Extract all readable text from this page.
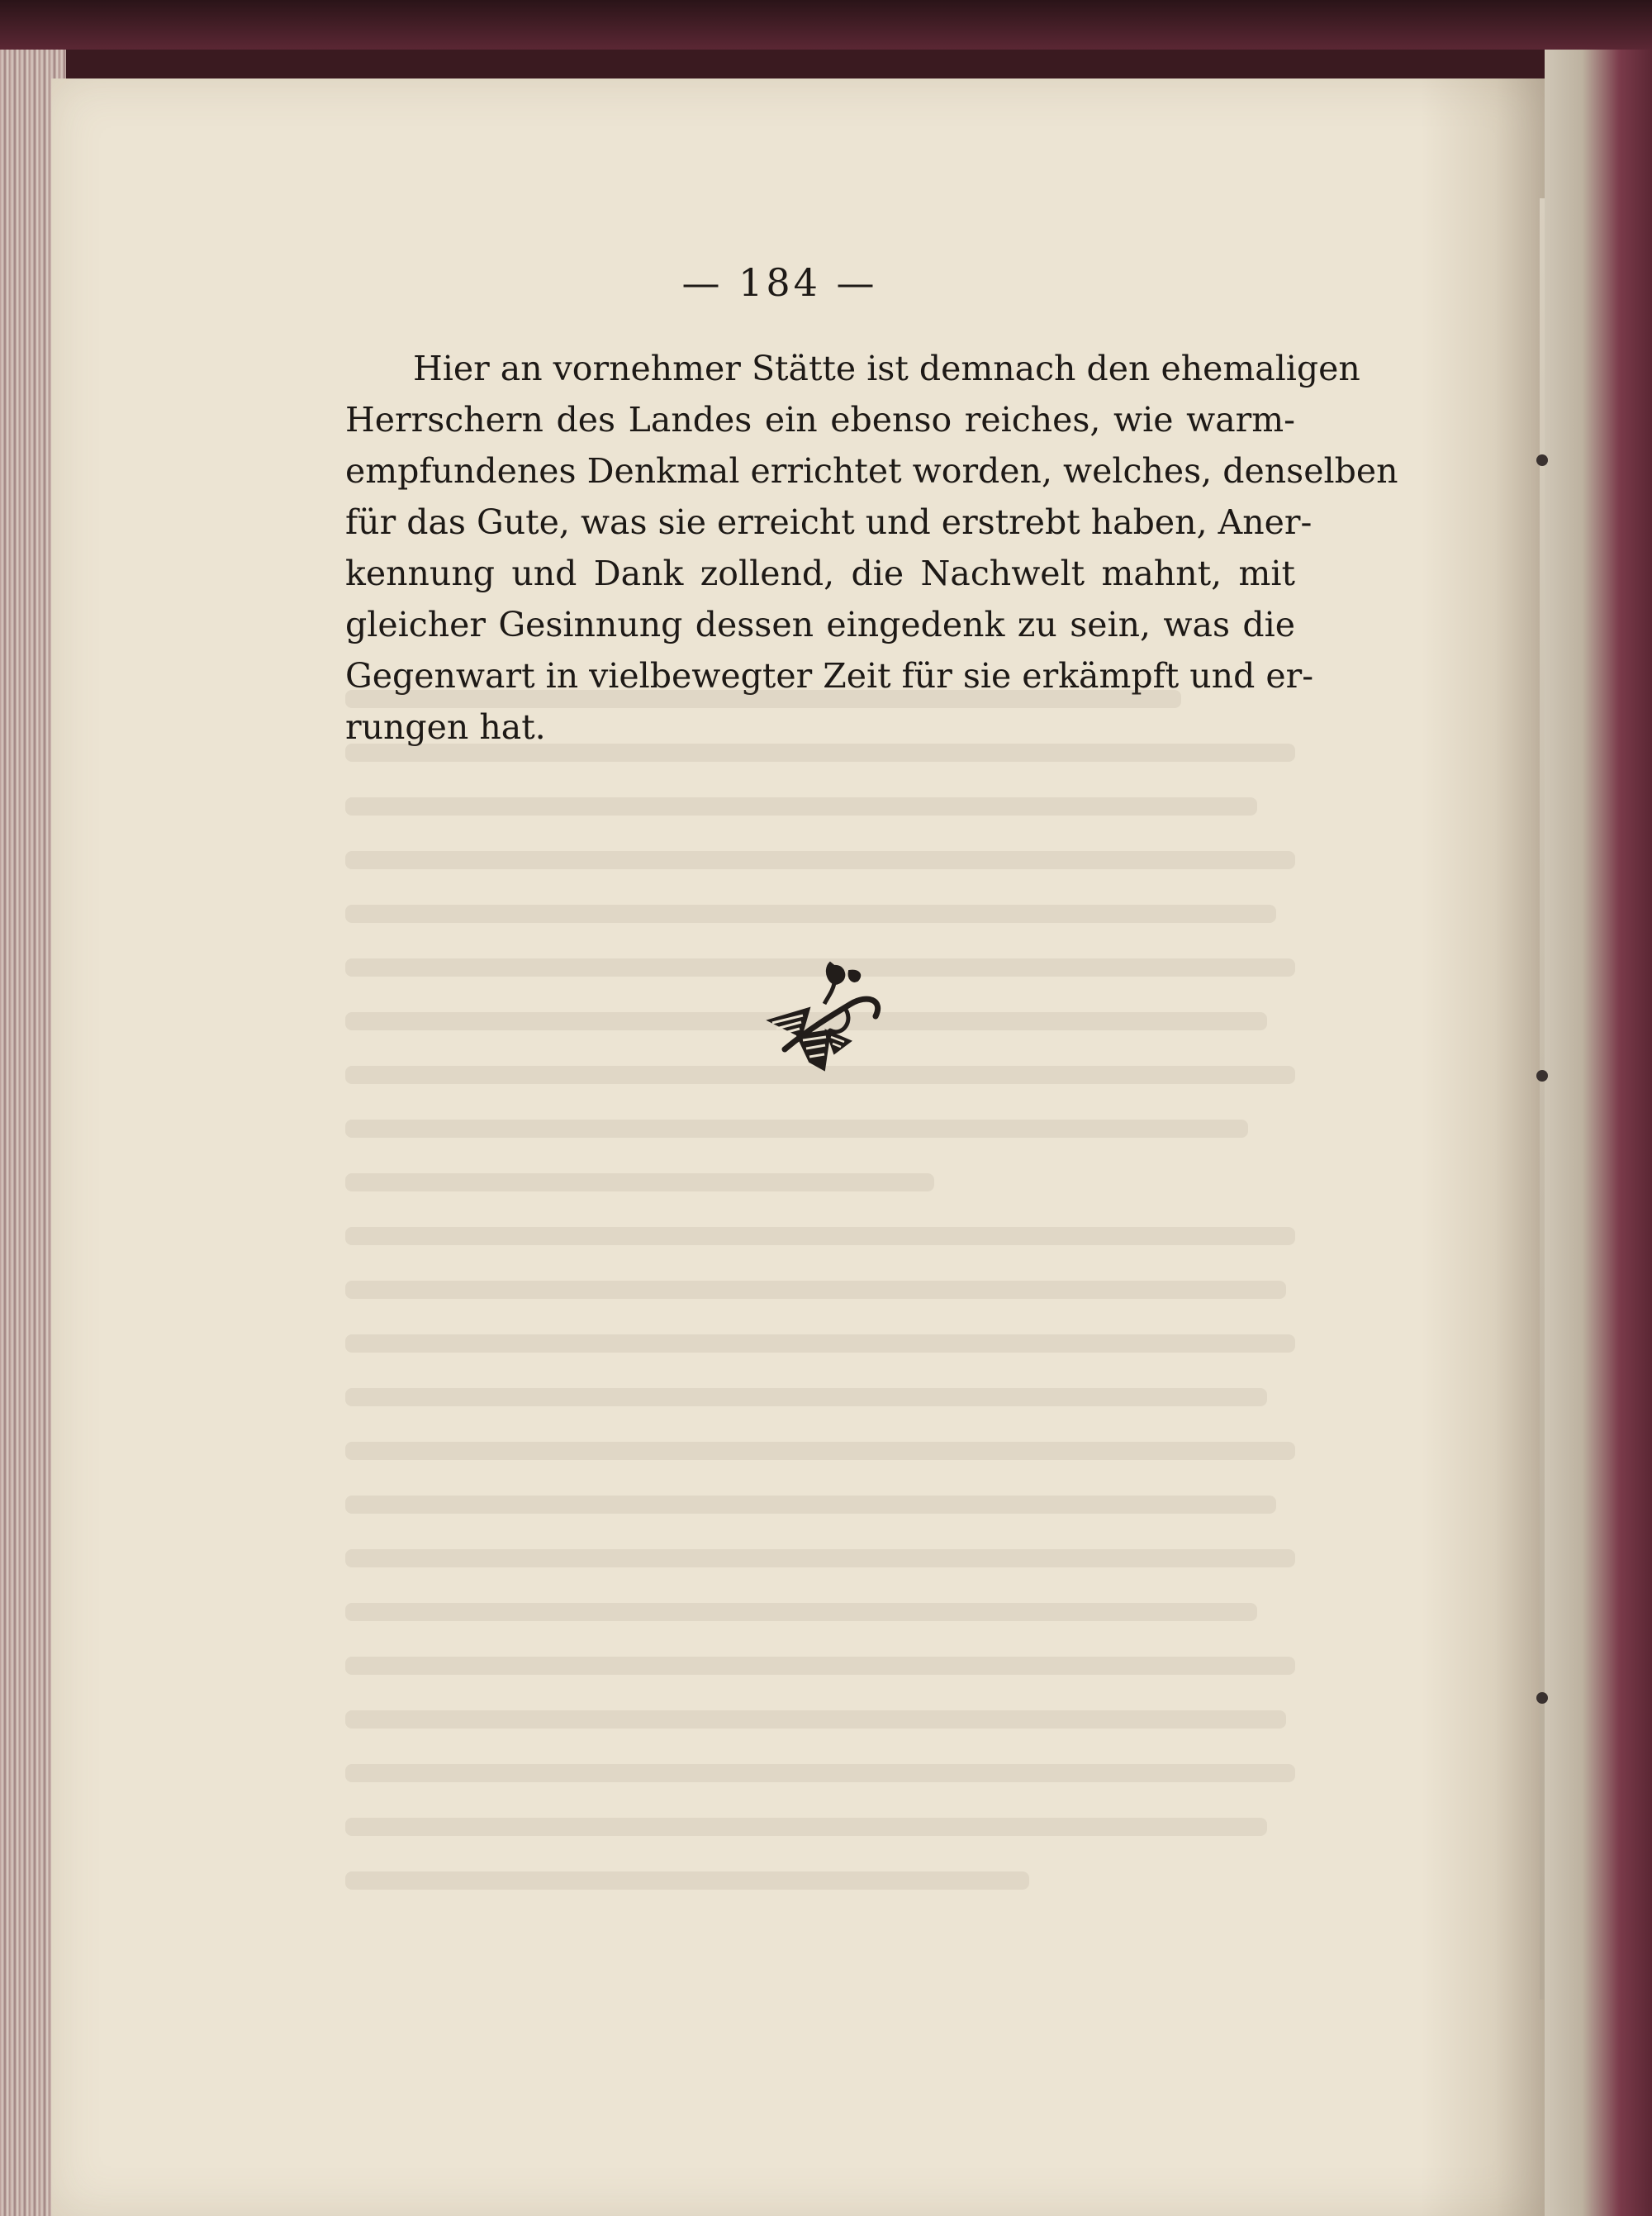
— 184 —
Hier an vornehmer Stätte ist demnach den ehemaligen
Herrschern des Landes ein ebenso reiches, wie warm-
empfundenes Denkmal errichtet worden, welches, denselben
für das Gute, was sie erreicht und erstrebt haben, Aner-
kennung und Dank zollend, die Nachwelt mahnt, mit
gleicher Gesinnung dessen eingedenk zu sein, was die
Gegenwart in vielbewegter Zeit für sie erkämpft und er-
rungen hat.
